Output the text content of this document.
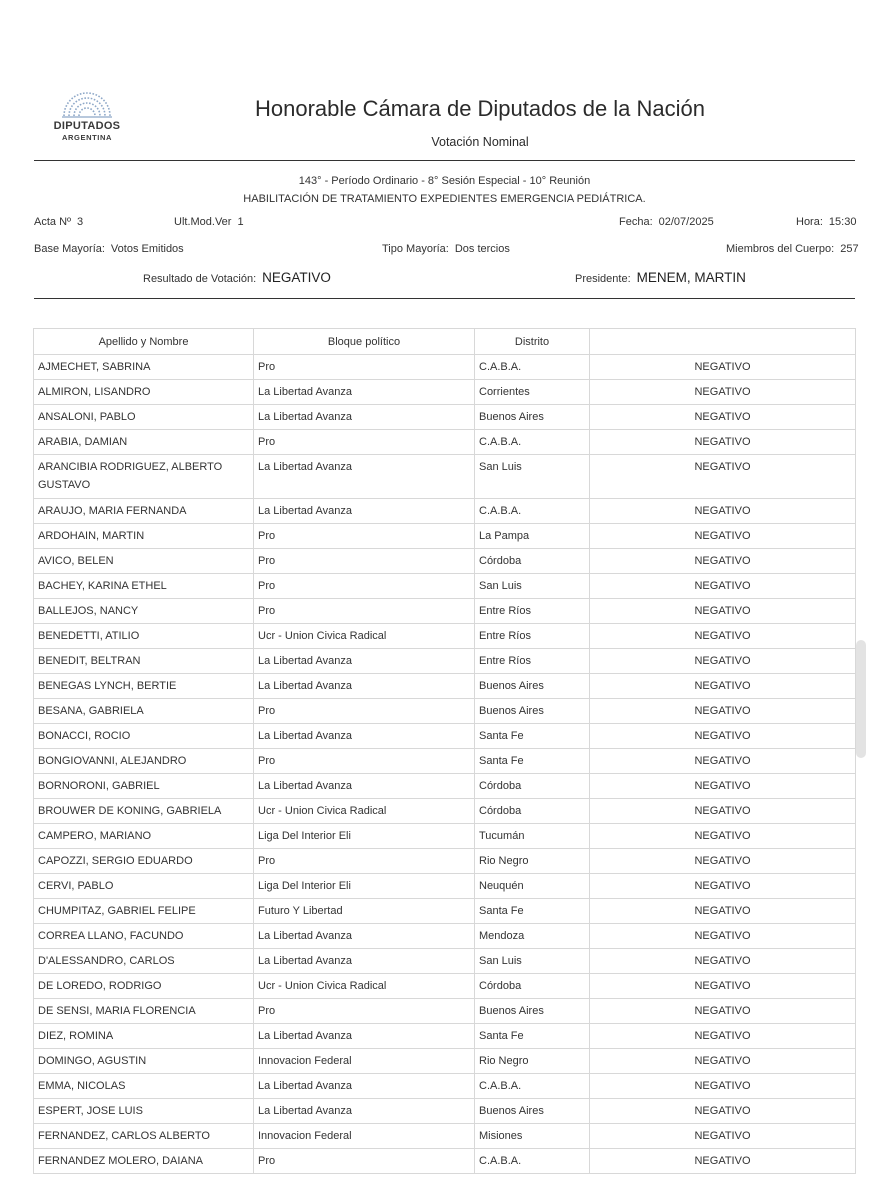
DIPUTADOS
ARGENTINA
Honorable Cámara de Diputados de la Nación
Votación Nominal
143° - Período Ordinario - 8° Sesión Especial - 10° Reunión
HABILITACIÓN DE TRATAMIENTO EXPEDIENTES EMERGENCIA PEDIÁTRICA.
Acta Nº 3	Ult.Mod.Ver 1	Fecha: 02/07/2025	Hora: 15:30
Base Mayoría: Votos Emitidos	Tipo Mayoría: Dos tercios	Miembros del Cuerpo: 257
Resultado de Votación: NEGATIVO	Presidente: MENEM, MARTIN
Apellido y Nombre	Bloque político	Distrito	
AJMECHET, SABRINA	Pro	C.A.B.A.	NEGATIVO
ALMIRON, LISANDRO	La Libertad Avanza	Corrientes	NEGATIVO
ANSALONI, PABLO	La Libertad Avanza	Buenos Aires	NEGATIVO
ARABIA, DAMIAN	Pro	C.A.B.A.	NEGATIVO
ARANCIBIA RODRIGUEZ, ALBERTO GUSTAVO	La Libertad Avanza	San Luis	NEGATIVO
ARAUJO, MARIA FERNANDA	La Libertad Avanza	C.A.B.A.	NEGATIVO
ARDOHAIN, MARTIN	Pro	La Pampa	NEGATIVO
AVICO, BELEN	Pro	Córdoba	NEGATIVO
BACHEY, KARINA ETHEL	Pro	San Luis	NEGATIVO
BALLEJOS, NANCY	Pro	Entre Ríos	NEGATIVO
BENEDETTI, ATILIO	Ucr - Union Civica Radical	Entre Ríos	NEGATIVO
BENEDIT, BELTRAN	La Libertad Avanza	Entre Ríos	NEGATIVO
BENEGAS LYNCH, BERTIE	La Libertad Avanza	Buenos Aires	NEGATIVO
BESANA, GABRIELA	Pro	Buenos Aires	NEGATIVO
BONACCI, ROCIO	La Libertad Avanza	Santa Fe	NEGATIVO
BONGIOVANNI, ALEJANDRO	Pro	Santa Fe	NEGATIVO
BORNORONI, GABRIEL	La Libertad Avanza	Córdoba	NEGATIVO
BROUWER DE KONING, GABRIELA	Ucr - Union Civica Radical	Córdoba	NEGATIVO
CAMPERO, MARIANO	Liga Del Interior Eli	Tucumán	NEGATIVO
CAPOZZI, SERGIO EDUARDO	Pro	Rio Negro	NEGATIVO
CERVI, PABLO	Liga Del Interior Eli	Neuquén	NEGATIVO
CHUMPITAZ, GABRIEL FELIPE	Futuro Y Libertad	Santa Fe	NEGATIVO
CORREA LLANO, FACUNDO	La Libertad Avanza	Mendoza	NEGATIVO
D'ALESSANDRO, CARLOS	La Libertad Avanza	San Luis	NEGATIVO
DE LOREDO, RODRIGO	Ucr - Union Civica Radical	Córdoba	NEGATIVO
DE SENSI, MARIA FLORENCIA	Pro	Buenos Aires	NEGATIVO
DIEZ, ROMINA	La Libertad Avanza	Santa Fe	NEGATIVO
DOMINGO, AGUSTIN	Innovacion Federal	Rio Negro	NEGATIVO
EMMA, NICOLAS	La Libertad Avanza	C.A.B.A.	NEGATIVO
ESPERT, JOSE LUIS	La Libertad Avanza	Buenos Aires	NEGATIVO
FERNANDEZ, CARLOS ALBERTO	Innovacion Federal	Misiones	NEGATIVO
FERNANDEZ MOLERO, DAIANA	Pro	C.A.B.A.	NEGATIVO
